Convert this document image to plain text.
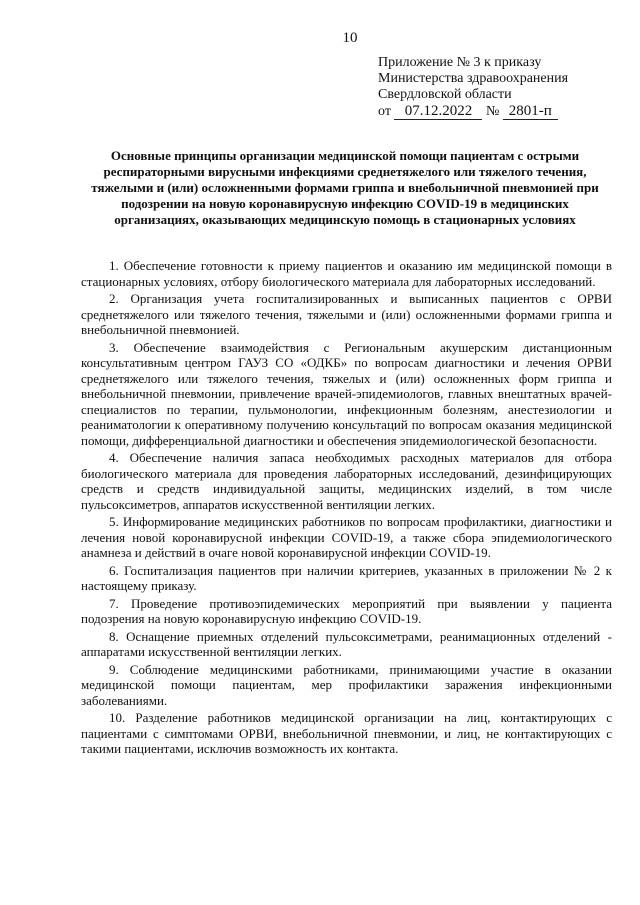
10
Приложение № 3 к приказу
Министерства здравоохранения
Свердловской области
от 07.12.2022 № 2801-п
Основные принципы организации медицинской помощи пациентам с острыми респираторными вирусными инфекциями среднетяжелого или тяжелого течения, тяжелыми и (или) осложненными формами гриппа и внебольничной пневмонией при подозрении на новую коронавирусную инфекцию COVID-19 в медицинских организациях, оказывающих медицинскую помощь в стационарных условиях

1. Обеспечение готовности к приему пациентов и оказанию им медицинской помощи в стационарных условиях, отбору биологического материала для лабораторных исследований.

2. Организация учета госпитализированных и выписанных пациентов с ОРВИ среднетяжелого или тяжелого течения, тяжелыми и (или) осложненными формами гриппа и внебольничной пневмонией.

3. Обеспечение взаимодействия с Региональным акушерским дистанционным консультативным центром ГАУЗ СО «ОДКБ» по вопросам диагностики и лечения ОРВИ среднетяжелого или тяжелого течения, тяжелых и (или) осложненных форм гриппа и внебольничной пневмонии, привлечение врачей-эпидемиологов, главных внештатных врачей-специалистов по терапии, пульмонологии, инфекционным болезням, анестезиологии и реаниматологии к оперативному получению консультаций по вопросам оказания медицинской помощи, дифференциальной диагностики и обеспечения эпидемиологической безопасности.

4. Обеспечение наличия запаса необходимых расходных материалов для отбора биологического материала для проведения лабораторных исследований, дезинфицирующих средств и средств индивидуальной защиты, медицинских изделий, в том числе пульсоксиметров, аппаратов искусственной вентиляции легких.

5. Информирование медицинских работников по вопросам профилактики, диагностики и лечения новой коронавирусной инфекции COVID-19, а также сбора эпидемиологического анамнеза и действий в очаге новой коронавирусной инфекции COVID-19.

6. Госпитализация пациентов при наличии критериев, указанных в приложении № 2 к настоящему приказу.

7. Проведение противоэпидемических мероприятий при выявлении у пациента подозрения на новую коронавирусную инфекцию COVID-19.

8. Оснащение приемных отделений пульсоксиметрами, реанимационных отделений - аппаратами искусственной вентиляции легких.

9. Соблюдение медицинскими работниками, принимающими участие в оказании медицинской помощи пациентам, мер профилактики заражения инфекционными заболеваниями.

10. Разделение работников медицинской организации на лиц, контактирующих с пациентами с симптомами ОРВИ, внебольничной пневмонии, и лиц, не контактирующих с такими пациентами, исключив возможность их контакта.
